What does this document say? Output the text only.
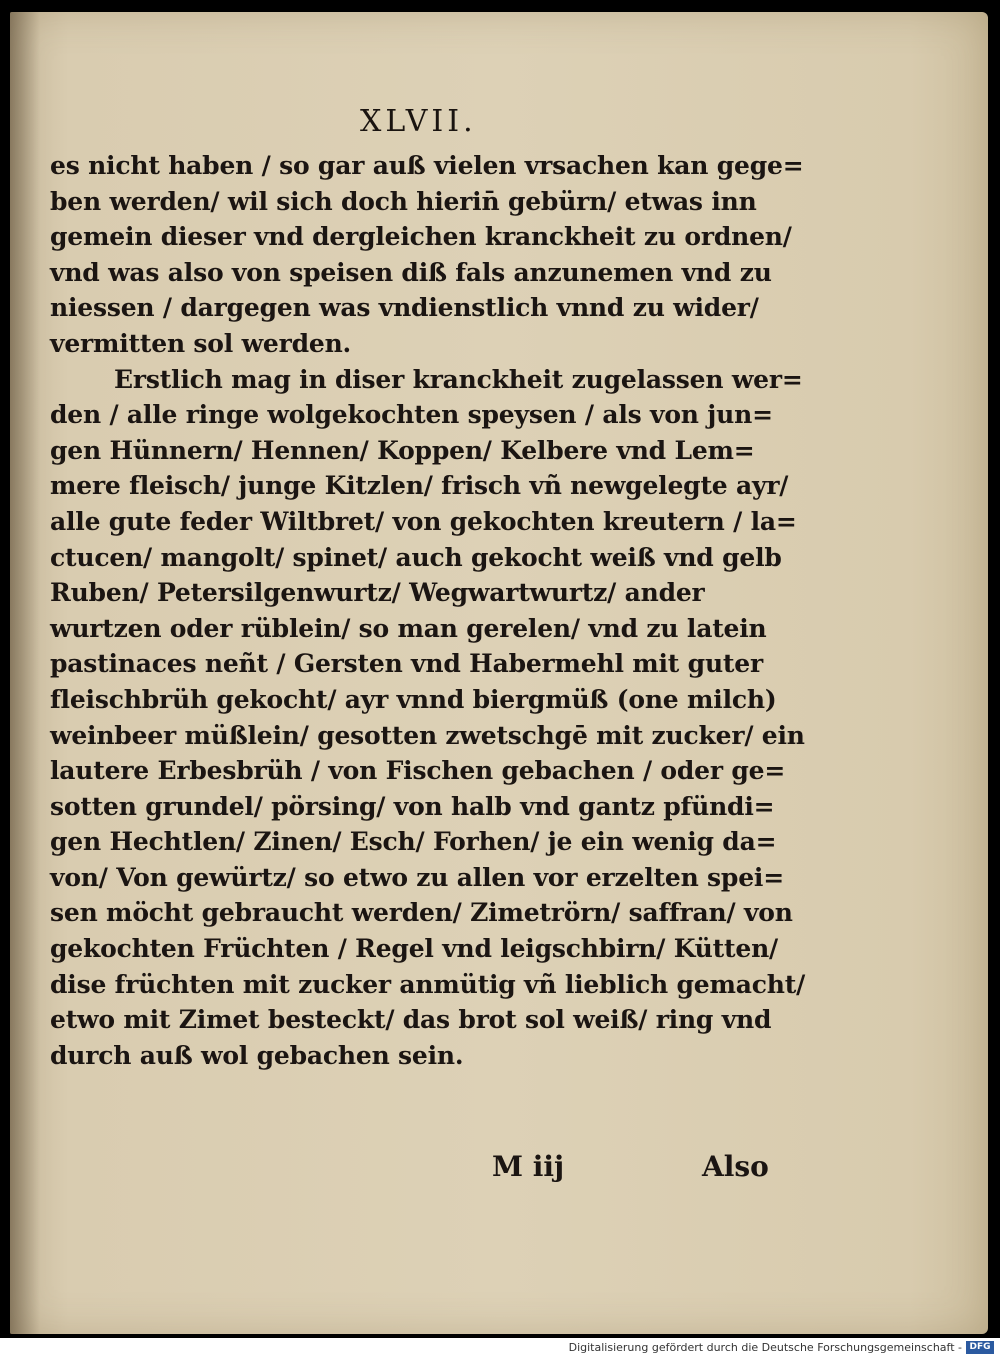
XLVII.
es nicht haben / so gar auß vielen vrsachen kan gege=
ben werden/ wil sich doch hierin̄ gebürn/ etwas inn
gemein dieser vnd dergleichen kranckheit zu ordnen/
vnd was also von speisen diß fals anzunemen vnd zu
niessen / dargegen was vndienstlich vnnd zu wider/
vermitten sol werden.
Erstlich mag in diser kranckheit zugelassen wer=
den / alle ringe wolgekochten speysen / als von jun=
gen Hünnern/ Hennen/ Koppen/ Kelbere vnd Lem=
mere fleisch/ junge Kitzlen/ frisch vñ newgelegte ayr/
alle gute feder Wiltbret/ von gekochten kreutern / la=
ctucen/ mangolt/ spinet/ auch gekocht weiß vnd gelb
Ruben/ Petersilgenwurtz/ Wegwartwurtz/ ander
wurtzen oder rüblein/ so man gerelen/ vnd zu latein
pastinaces neñt / Gersten vnd Habermehl mit guter
fleischbrüh gekocht/ ayr vnnd biergmüß (one milch)
weinbeer müßlein/ gesotten zwetschgē mit zucker/ ein
lautere Erbesbrüh / von Fischen gebachen / oder ge=
sotten grundel/ pörsing/ von halb vnd gantz pfündi=
gen Hechtlen/ Zinen/ Esch/ Forhen/ je ein wenig da=
von/ Von gewürtz/ so etwo zu allen vor erzelten spei=
sen möcht gebraucht werden/ Zimetrörn/ saffran/ von
gekochten Früchten / Regel vnd leigschbirn/ Kütten/
dise früchten mit zucker anmütig vñ lieblich gemacht/
etwo mit Zimet besteckt/ das brot sol weiß/ ring vnd
durch auß wol gebachen sein.
M iij	Also
Digitalisierung gefördert durch die Deutsche Forschungsgemeinschaft - DFG
